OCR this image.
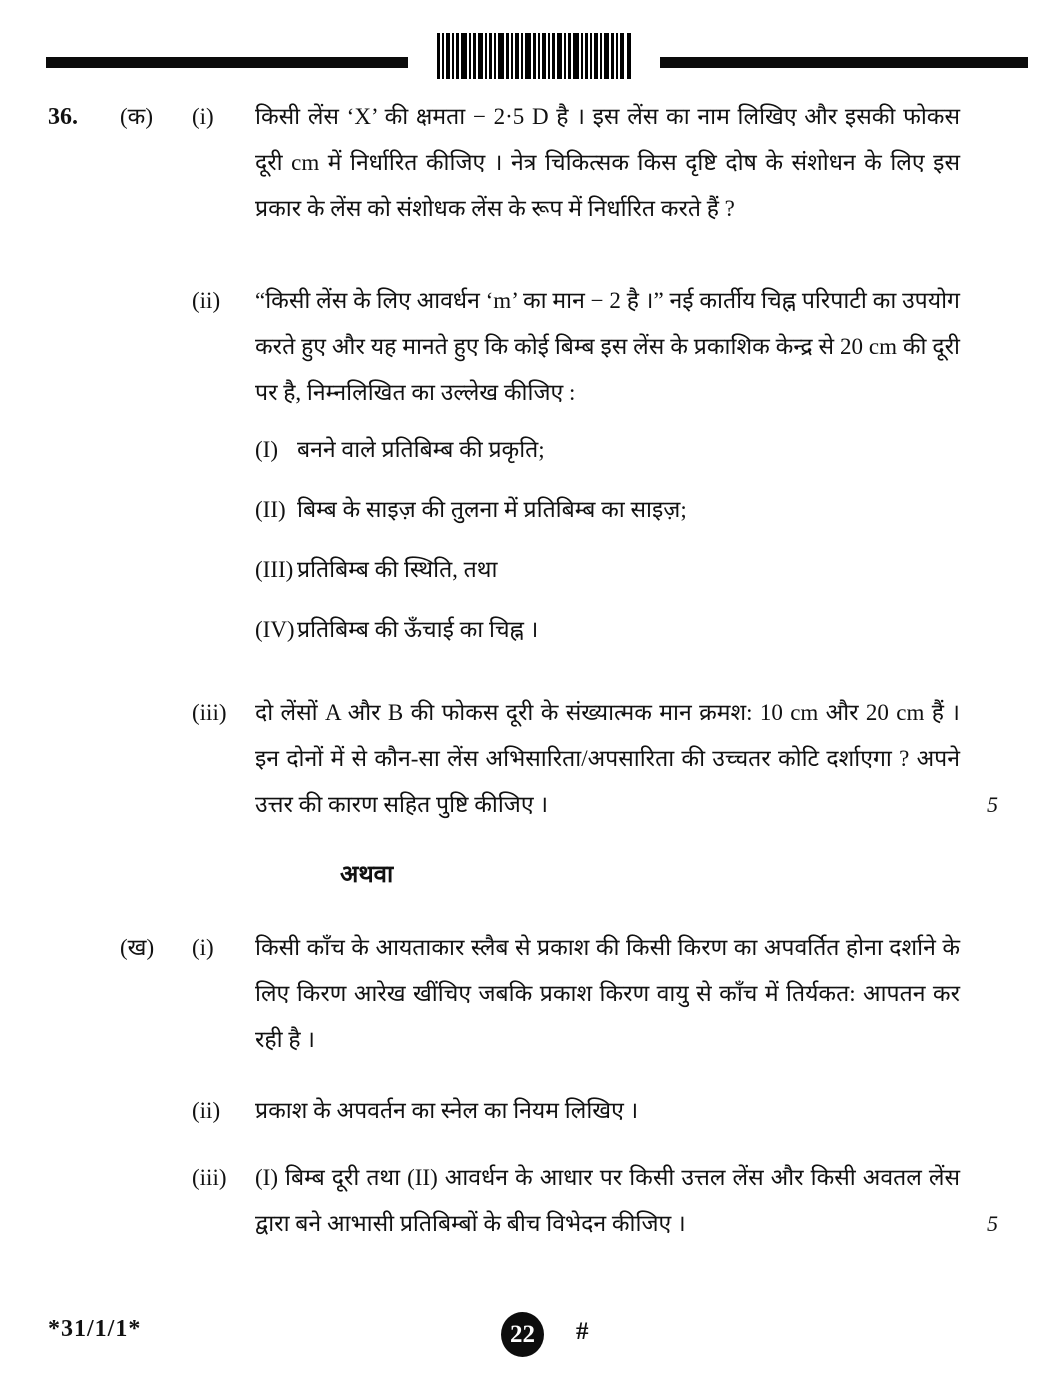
36.	(क)	(i)	किसी लेंस ‘X’ की क्षमता − 2·5 D है । इस लेंस का नाम लिखिए और इसकी फोकस दूरी cm में निर्धारित कीजिए । नेत्र चिकित्सक किस दृष्टि दोष के संशोधन के लिए इस प्रकार के लेंस को संशोधक लेंस के रूप में निर्धारित करते हैं ?
(ii)	“किसी लेंस के लिए आवर्धन ‘m’ का मान − 2 है ।” नई कार्तीय चिह्न परिपाटी का उपयोग करते हुए और यह मानते हुए कि कोई बिम्ब इस लेंस के प्रकाशिक केन्द्र से 20 cm की दूरी पर है, निम्नलिखित का उल्लेख कीजिए :
(I) बनने वाले प्रतिबिम्ब की प्रकृति;
(II) बिम्ब के साइज़ की तुलना में प्रतिबिम्ब का साइज़;
(III) प्रतिबिम्ब की स्थिति, तथा
(IV) प्रतिबिम्ब की ऊँचाई का चिह्न ।
(iii)	दो लेंसों A और B की फोकस दूरी के संख्यात्मक मान क्रमश: 10 cm और 20 cm हैं । इन दोनों में से कौन-सा लेंस अभिसारिता/अपसारिता की उच्चतर कोटि दर्शाएगा ? अपने उत्तर की कारण सहित पुष्टि कीजिए ।	5
अथवा
(ख)	(i)	किसी काँच के आयताकार स्लैब से प्रकाश की किसी किरण का अपवर्तित होना दर्शाने के लिए किरण आरेख खींचिए जबकि प्रकाश किरण वायु से काँच में तिर्यकत: आपतन कर रही है ।
(ii)	प्रकाश के अपवर्तन का स्नेल का नियम लिखिए ।
(iii)	(I) बिम्ब दूरी तथा (II) आवर्धन के आधार पर किसी उत्तल लेंस और किसी अवतल लेंस द्वारा बने आभासी प्रतिबिम्बों के बीच विभेदन कीजिए ।	5
*31/1/1*	22	#
